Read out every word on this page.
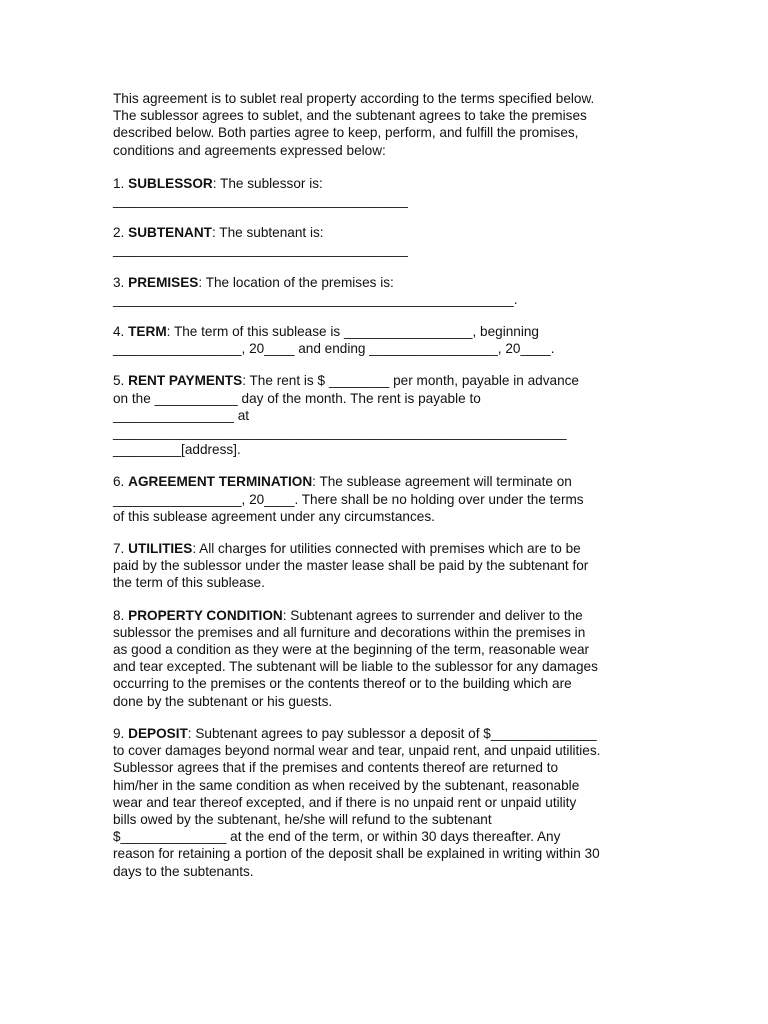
This agreement is to sublet real property according to the terms specified below.
The sublessor agrees to sublet, and the subtenant agrees to take the premises
described below. Both parties agree to keep, perform, and fulfill the promises,
conditions and agreements expressed below:

1. SUBLESSOR: The sublessor is:
_______________________________________

2. SUBTENANT: The subtenant is:
_______________________________________

3. PREMISES: The location of the premises is:
_____________________________________________________.

4. TERM: The term of this sublease is _________________, beginning
_________________, 20____ and ending _________________, 20____.

5. RENT PAYMENTS: The rent is $ ________ per month, payable in advance
on the ___________ day of the month. The rent is payable to
________________ at
____________________________________________________________
_________[address].

6. AGREEMENT TERMINATION: The sublease agreement will terminate on
_________________, 20____. There shall be no holding over under the terms
of this sublease agreement under any circumstances.

7. UTILITIES: All charges for utilities connected with premises which are to be
paid by the sublessor under the master lease shall be paid by the subtenant for
the term of this sublease.

8. PROPERTY CONDITION: Subtenant agrees to surrender and deliver to the
sublessor the premises and all furniture and decorations within the premises in
as good a condition as they were at the beginning of the term, reasonable wear
and tear excepted. The subtenant will be liable to the sublessor for any damages
occurring to the premises or the contents thereof or to the building which are
done by the subtenant or his guests.

9. DEPOSIT: Subtenant agrees to pay sublessor a deposit of $______________
to cover damages beyond normal wear and tear, unpaid rent, and unpaid utilities.
Sublessor agrees that if the premises and contents thereof are returned to
him/her in the same condition as when received by the subtenant, reasonable
wear and tear thereof excepted, and if there is no unpaid rent or unpaid utility
bills owed by the subtenant, he/she will refund to the subtenant
$______________ at the end of the term, or within 30 days thereafter. Any
reason for retaining a portion of the deposit shall be explained in writing within 30
days to the subtenants.
